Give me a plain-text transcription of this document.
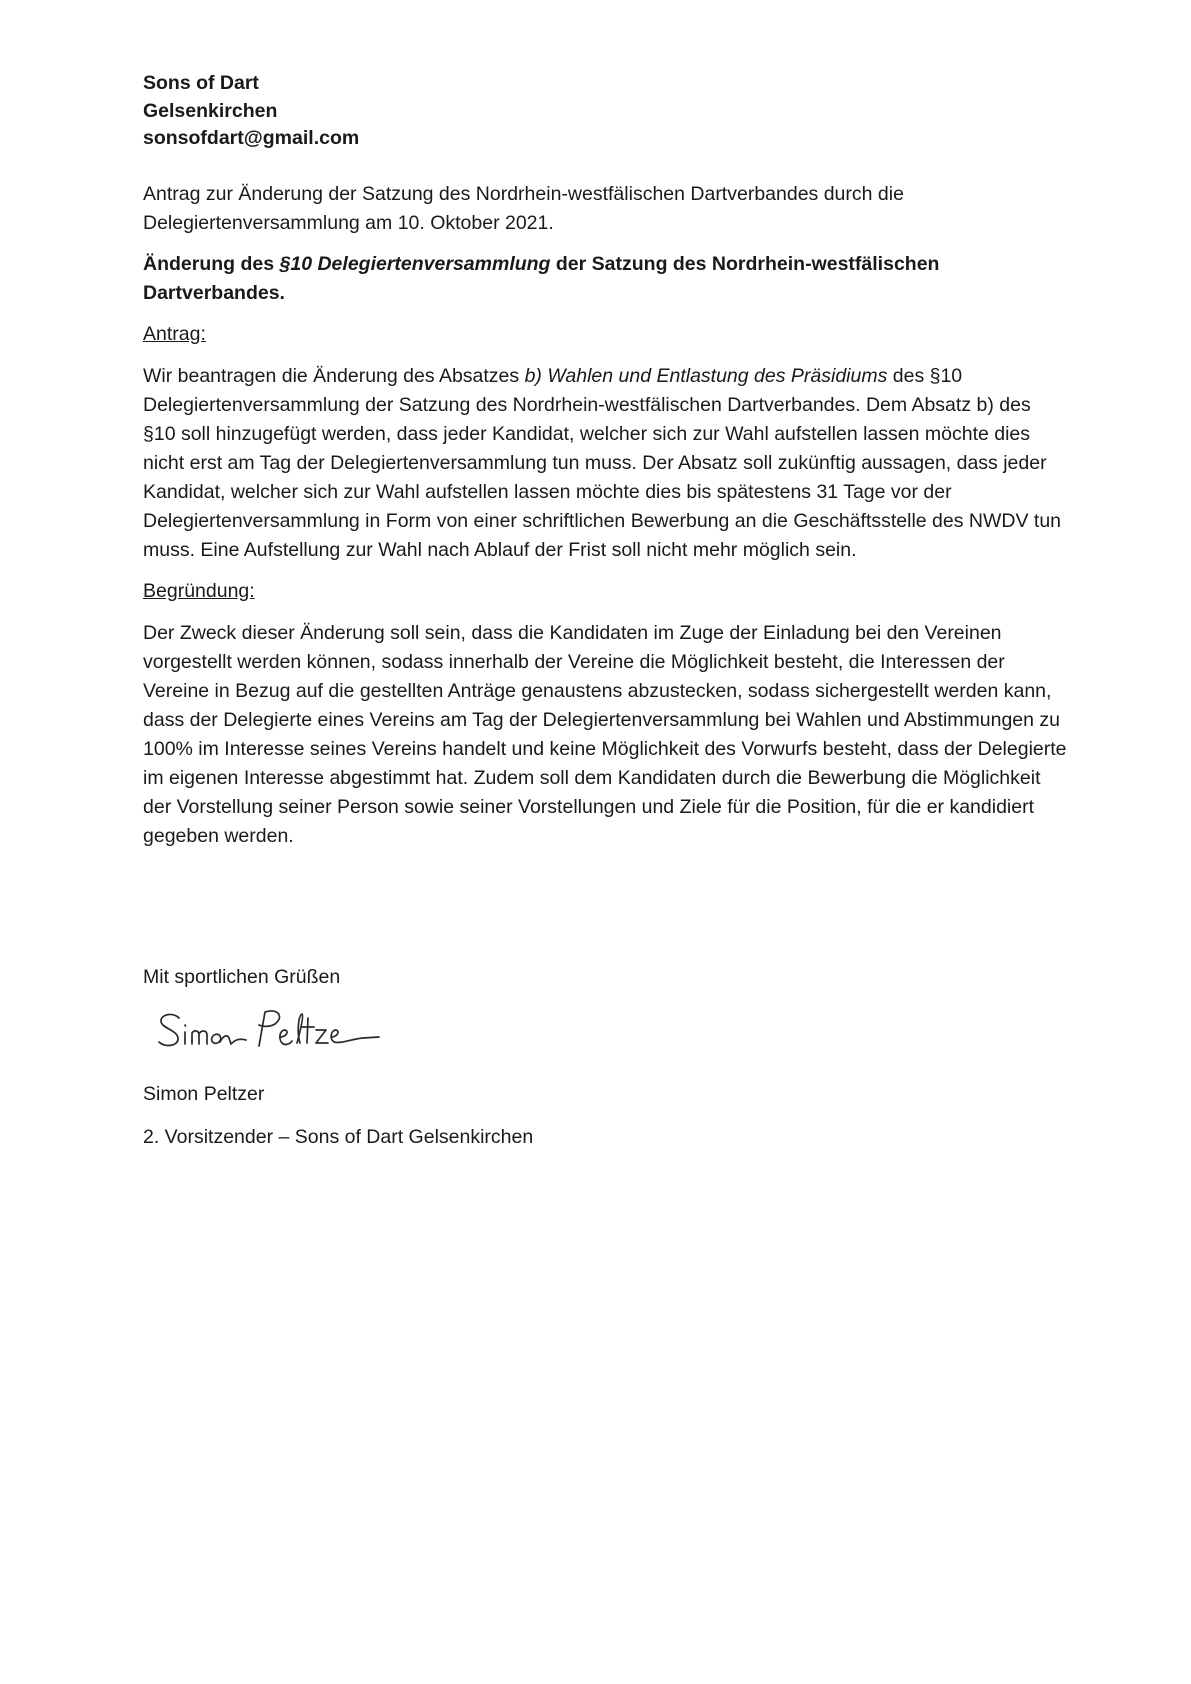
Sons of Dart
Gelsenkirchen
sonsofdart@gmail.com

Antrag zur Änderung der Satzung des Nordrhein-westfälischen Dartverbandes durch die Delegiertenversammlung am 10. Oktober 2021.

Änderung des §10 Delegiertenversammlung der Satzung des Nordrhein-westfälischen Dartverbandes.

Antrag:

Wir beantragen die Änderung des Absatzes b) Wahlen und Entlastung des Präsidiums des §10 Delegiertenversammlung der Satzung des Nordrhein-westfälischen Dartverbandes. Dem Absatz b) des §10 soll hinzugefügt werden, dass jeder Kandidat, welcher sich zur Wahl aufstellen lassen möchte dies nicht erst am Tag der Delegiertenversammlung tun muss. Der Absatz soll zukünftig aussagen, dass jeder Kandidat, welcher sich zur Wahl aufstellen lassen möchte dies bis spätestens 31 Tage vor der Delegiertenversammlung in Form von einer schriftlichen Bewerbung an die Geschäftsstelle des NWDV tun muss. Eine Aufstellung zur Wahl nach Ablauf der Frist soll nicht mehr möglich sein.

Begründung:

Der Zweck dieser Änderung soll sein, dass die Kandidaten im Zuge der Einladung bei den Vereinen vorgestellt werden können, sodass innerhalb der Vereine die Möglichkeit besteht, die Interessen der Vereine in Bezug auf die gestellten Anträge genaustens abzustecken, sodass sichergestellt werden kann, dass der Delegierte eines Vereins am Tag der Delegiertenversammlung bei Wahlen und Abstimmungen zu 100% im Interesse seines Vereins handelt und keine Möglichkeit des Vorwurfs besteht, dass der Delegierte im eigenen Interesse abgestimmt hat. Zudem soll dem Kandidaten durch die Bewerbung die Möglichkeit der Vorstellung seiner Person sowie seiner Vorstellungen und Ziele für die Position, für die er kandidiert gegeben werden.

Mit sportlichen Grüßen

Simon Peltzer

2. Vorsitzender – Sons of Dart Gelsenkirchen
